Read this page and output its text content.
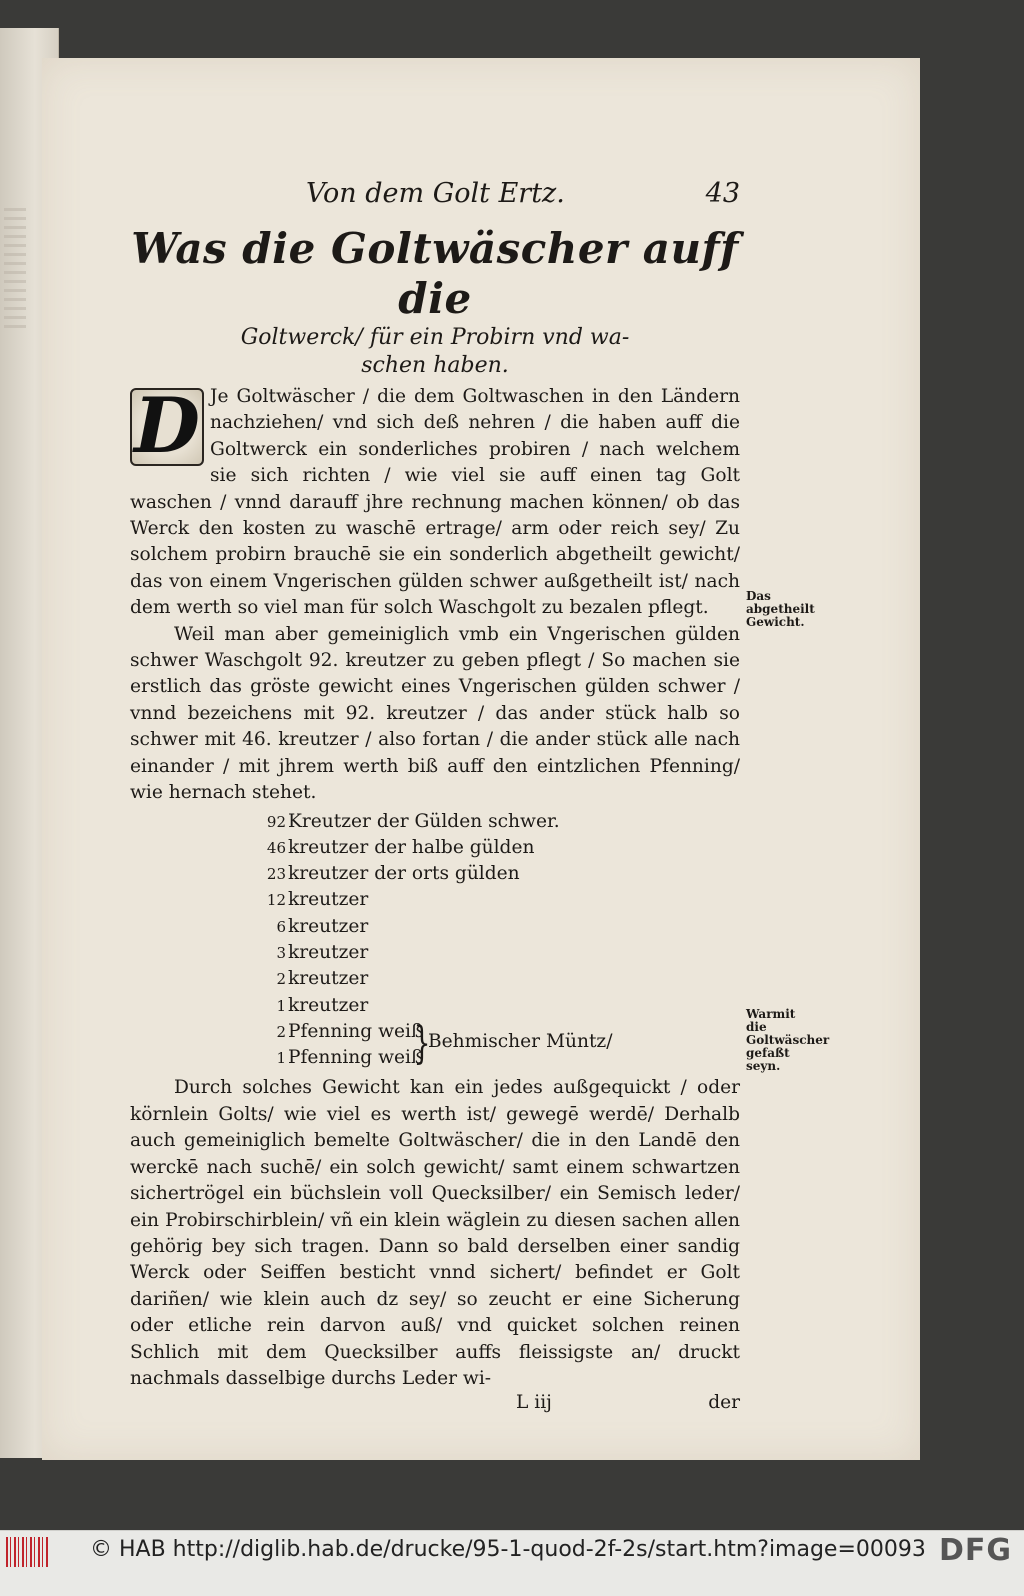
Von dem Golt Ertz.	43
Was die Goltwäscher auff die
Goltwerck/ für ein Probirn vnd wa-
schen haben.
D Je Goltwäscher / die dem Goltwaschen in den Ländern nachziehen/ vnd sich deß nehren / die haben auff die Goltwerck ein sonderliches probiren / nach welchem sie sich richten / wie viel sie auff einen tag Golt waschen / vnnd darauff jhre rechnung machen können/ ob das Werck den kosten zu waschē ertrage/ arm oder reich sey/ Zu solchem probirn brauchē sie ein sonderlich abgetheilt gewicht/ das von einem Vngerischen gülden schwer außgetheilt ist/ nach dem werth so viel man für solch Waschgolt zu bezalen pflegt.

Weil man aber gemeiniglich vmb ein Vngerischen gülden schwer Waschgolt 92. kreutzer zu geben pflegt / So machen sie erstlich das gröste gewicht eines Vngerischen gülden schwer / vnnd bezeichens mit 92. kreutzer / das ander stück halb so schwer mit 46. kreutzer / also fortan / die ander stück alle nach einander / mit jhrem werth biß auff den eintzlichen Pfenning/ wie hernach stehet.

92 Kreutzer der Gülden schwer.
46 kreutzer der halbe gülden
23 kreutzer der orts gülden
12 kreutzer
6 kreutzer
3 kreutzer
2 kreutzer
1 kreutzer
2 Pfenning weiß
1 Pfenning weiß
}
Behmischer Müntz/

Durch solches Gewicht kan ein jedes außgequickt / oder körnlein Golts/ wie viel es werth ist/ gewegē werdē/ Derhalb auch gemeiniglich bemelte Goltwäscher/ die in den Landē den werckē nach suchē/ ein solch gewicht/ samt einem schwartzen sichertrögel ein büchslein voll Quecksilber/ ein Semisch leder/ ein Probirschirblein/ vñ ein klein wäglein zu diesen sachen allen gehörig bey sich tragen. Dann so bald derselben einer sandig Werck oder Seiffen besticht vnnd sichert/ befindet er Golt dariñen/ wie klein auch dz sey/ so zeucht er eine Sicherung oder etliche rein darvon auß/ vnd quicket solchen reinen Schlich mit dem Quecksilber auffs fleissigste an/ druckt nachmals dasselbige durchs Leder wi-

L iij	der
Das abgetheilt Gewicht.
Warmit die Goltwäscher gefaßt seyn.
© HAB http://diglib.hab.de/drucke/95-1-quod-2f-2s/start.htm?image=00093 DFG
